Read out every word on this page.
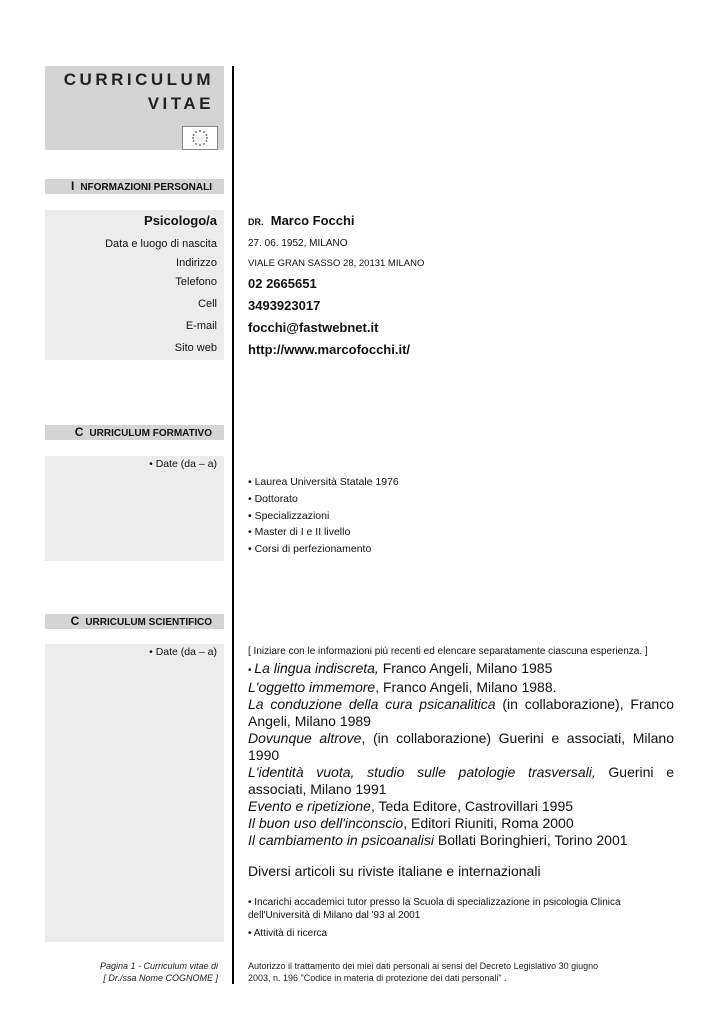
CURRICULUM
VITAE
I NFORMAZIONI PERSONALI
Psicologo/a	DR. Marco Focchi
Data e luogo di nascita	27. 06. 1952, MILANO
Indirizzo	VIALE GRAN SASSO 28, 20131 MILANO
Telefono 02 2665651
Cell 3493923017
E-mail focchi@fastwebnet.it
Sito web http://www.marcofocchi.it/
C URRICULUM FORMATIVO
• Date (da – a)
• Laurea Università Statale 1976
• Dottorato
• Specializzazioni
• Master di I e II livello
• Corsi di perfezionamento
C URRICULUM SCIENTIFICO
• Date (da – a)	[ Iniziare con le informazioni più recenti ed elencare separatamente ciascuna esperienza. ]
• La lingua indiscreta, Franco Angeli, Milano 1985
L'oggetto immemore, Franco Angeli, Milano 1988.
La conduzione della cura psicanalitica (in collaborazione), Franco Angeli, Milano 1989
Dovunque altrove, (in collaborazione) Guerini e associati, Milano 1990
L'identità vuota, studio sulle patologie trasversali, Guerini e associati, Milano 1991
Evento e ripetizione, Teda Editore, Castrovillari 1995
Il buon uso dell'inconscio, Editori Riuniti, Roma 2000
Il cambiamento in psicoanalisi Bollati Boringhieri, Torino 2001
Diversi articoli su riviste italiane e internazionali
• Incarichi accademici tutor presso la Scuola di specializzazione in psicologia Clinica dell'Università di Milano dal '93 al 2001
• Attività di ricerca
Pagina 1 - Curriculum vitae di
[ Dr./ssa Nome COGNOME ]
Autorizzo il trattamento dei miei dati personali ai sensi del Decreto Legislativo 30 giugno 2003, n. 196 "Codice in materia di protezione dei dati personali" .
